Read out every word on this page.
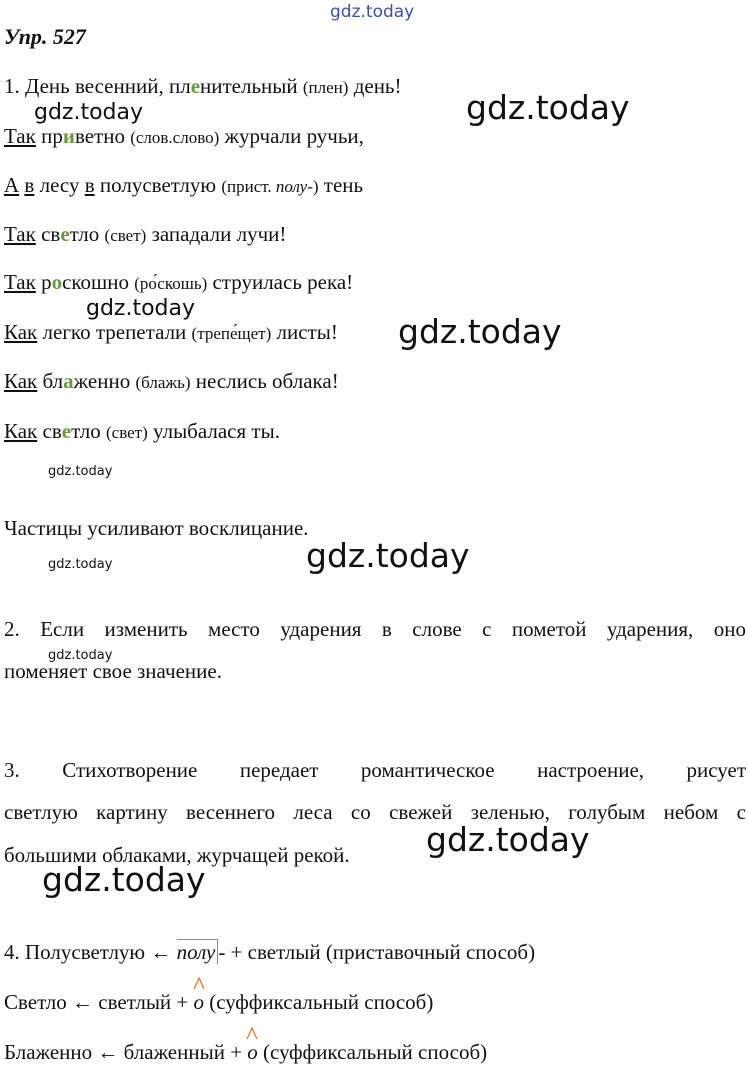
gdz.today
gdz.today	gdz.today
gdz.today
gdz.today
gdz.today
gdz.today
gdz.today
gdz.today
gdz.today
gdz.today
Упр. 527
1. День весенний, пленительный (плен) день!
Так приветно (слов.слово) журчали ручьи,
А в лесу в полусветлую (прист. полу-) тень
Так светло (свет) западали лучи!
Так роскошно (ро́скошь) струилась река!
Как легко трепетали (трепе́щет) листы!
Как блаженно (блажь) неслись облака!
Как светло (свет) улыбалася ты.
Частицы усиливают восклицание.
2. Если изменить место ударения в слове с пометой ударения, оно
поменяет свое значение.
3. Стихотворение передает романтическое настроение, рисует
светлую картину весеннего леса со свежей зеленью, голубым небом с
большими облаками, журчащей рекой.
4. Полусветлую ← полу - + светлый (приставочный способ)
Светло ← светлый +
о (суффиксальный способ)
Блаженно ← блаженный +
о (суффиксальный способ)
